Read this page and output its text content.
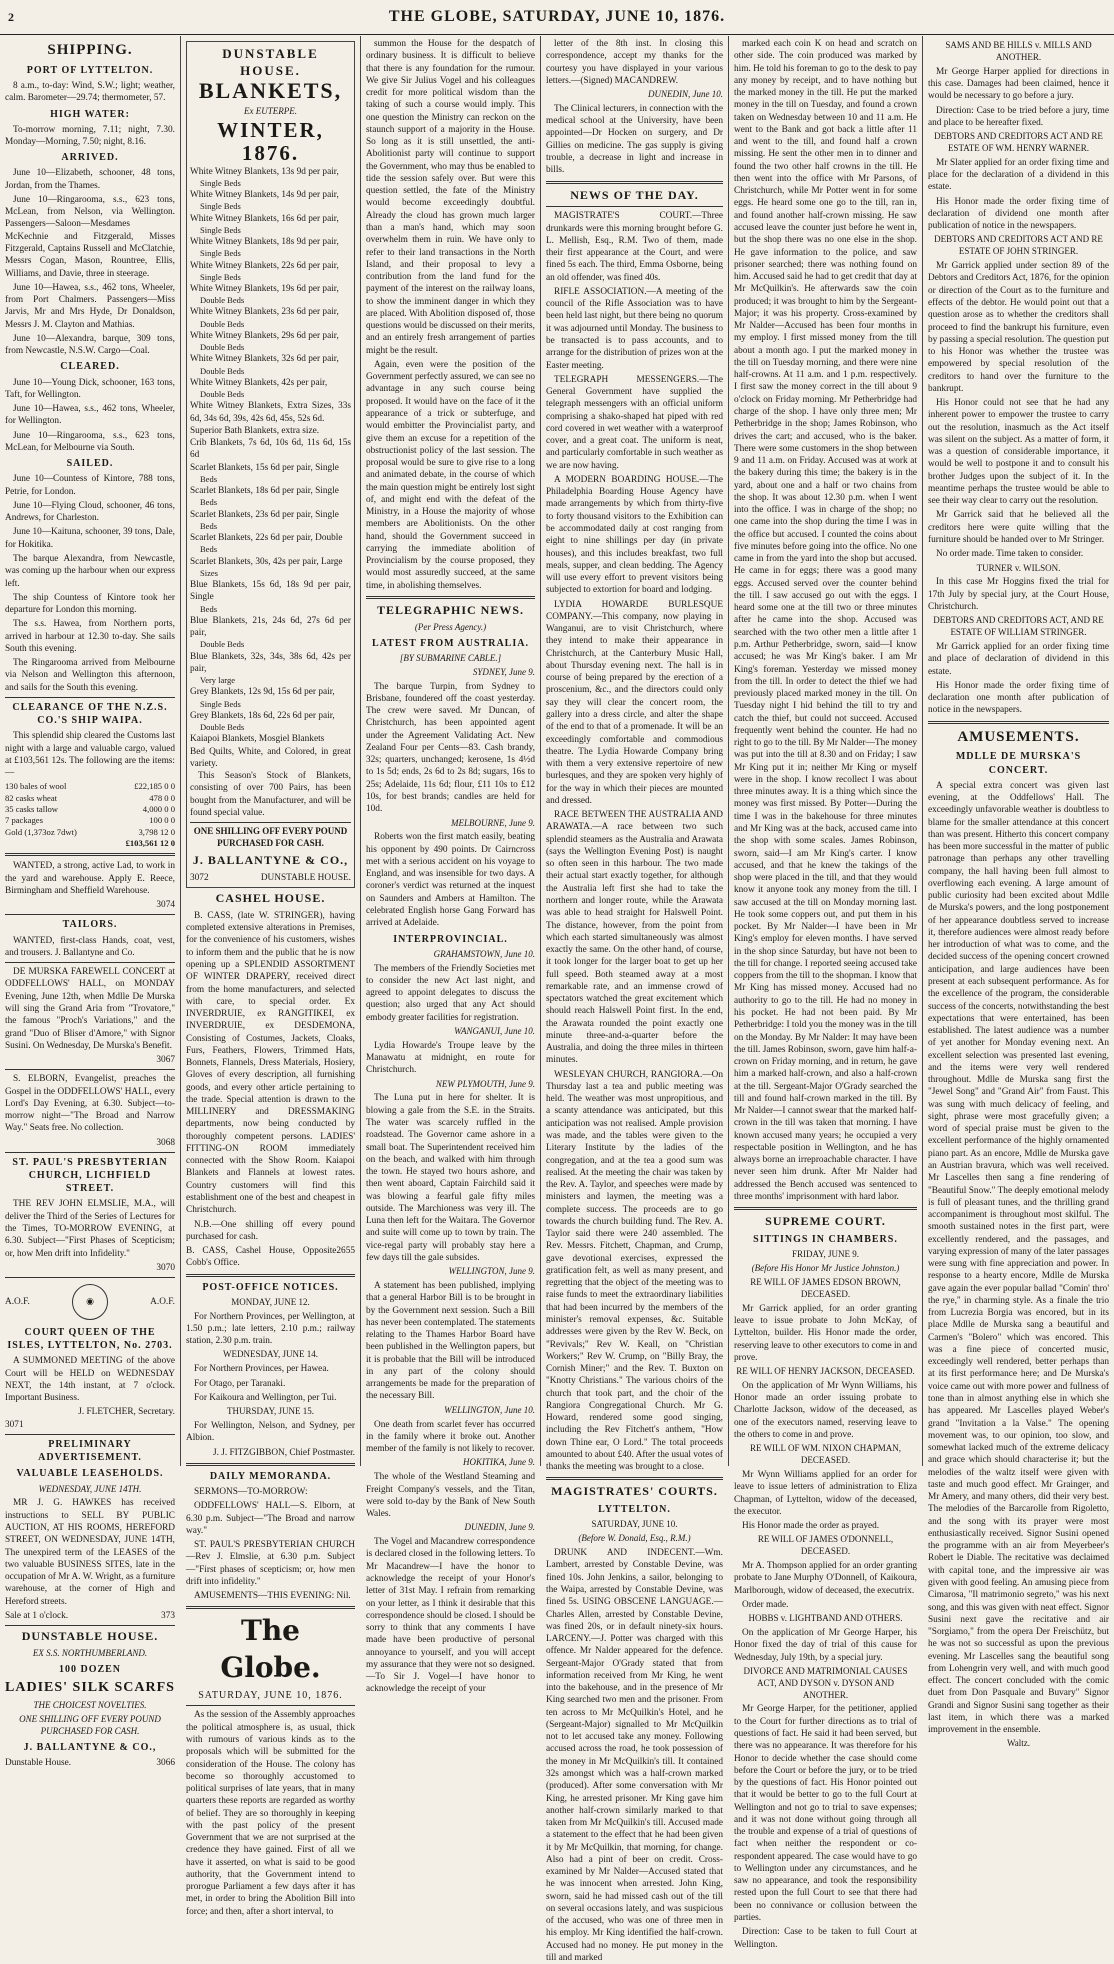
2	THE GLOBE, SATURDAY, JUNE 10, 1876.
SHIPPING.
PORT OF LYTTELTON.

8 a.m., to-day: Wind, S.W.; light; weather, calm. Barometer—29.74; thermometer, 57.

HIGH WATER:

To-morrow morning, 7.11; night, 7.30. Monday—Morning, 7.50; night, 8.16.

ARRIVED.

June 10—Elizabeth, schooner, 48 tons, Jordan, from the Thames.

June 10—Ringarooma, s.s., 623 tons, McLean, from Nelson, via Wellington. Passengers—Saloon—Mesdames McKechnie and Fitzgerald, Misses Fitzgerald, Captains Russell and McClatchie, Messrs Cogan, Mason, Rountree, Ellis, Williams, and Davie, three in steerage.

June 10—Hawea, s.s., 462 tons, Wheeler, from Port Chalmers. Passengers—Miss Jarvis, Mr and Mrs Hyde, Dr Donaldson, Messrs J. M. Clayton and Mathias.

June 10—Alexandra, barque, 309 tons, from Newcastle, N.S.W. Cargo—Coal.

CLEARED.

June 10—Young Dick, schooner, 163 tons, Taft, for Wellington.

June 10—Hawea, s.s., 462 tons, Wheeler, for Wellington.

June 10—Ringarooma, s.s., 623 tons, McLean, for Melbourne via South.

SAILED.

June 10—Countess of Kintore, 788 tons, Petrie, for London.

June 10—Flying Cloud, schooner, 46 tons, Andrews, for Charleston.

June 10—Kaituna, schooner, 39 tons, Dale, for Hokitika.

The barque Alexandra, from Newcastle, was coming up the harbour when our express left.

The ship Countess of Kintore took her departure for London this morning.

The s.s. Hawea, from Northern ports, arrived in harbour at 12.30 to-day. She sails South this evening.

The Ringarooma arrived from Melbourne via Nelson and Wellington this afternoon, and sails for the South this evening.

CLEARANCE OF THE N.Z.S. CO.'S SHIP WAIPA.

This splendid ship cleared the Customs last night with a large and valuable cargo, valued at £103,561 12s. The following are the items:—

130 bales of wool	£22,185 0 0
82 casks wheat	478 0 0
35 casks tallow	4,000 0 0
7 packages	100 0 0
Gold (1,373oz 7dwt)	3,798 12 0
£103,561 12 0

WANTED, a strong, active Lad, to work in the yard and warehouse. Apply E. Reece, Birmingham and Sheffield Warehouse.

3074
TAILORS.

WANTED, first-class Hands, coat, vest, and trousers. J. Ballantyne and Co.

DE MURSKA FAREWELL CONCERT at ODDFELLOWS' HALL, on MONDAY Evening, June 12th, when Mdlle De Murska will sing the Grand Aria from "Trovatore," the famous "Proch's Variations," and the grand "Duo of Bliser d'Amore," with Signor Susini. On Wednesday, De Murska's Benefit.

3067

S. ELBORN, Evangelist, preaches the Gospel in the ODDFELLOWS' HALL, every Lord's Day Evening, at 6.30. Subject—to-morrow night—"The Broad and Narrow Way." Seats free. No collection.

3068
ST. PAUL'S PRESBYTERIAN CHURCH, LICHFIELD STREET.

THE REV JOHN ELMSLIE, M.A., will deliver the Third of the Series of Lectures for the Times, TO-MORROW EVENING, at 6.30. Subject—"First Phases of Scepticism; or, how Men drift into Infidelity."

3070
A.O.F.	◉	A.O.F.
COURT QUEEN OF THE ISLES, LYTTELTON, No. 2703.

A SUMMONED MEETING of the above Court will be HELD on WEDNESDAY NEXT, the 14th instant, at 7 o'clock. Important Business.

J. FLETCHER, Secretary.
3071
PRELIMINARY ADVERTISEMENT.
VALUABLE LEASEHOLDS.
WEDNESDAY, JUNE 14TH.

MR J. G. HAWKES has received instructions to SELL BY PUBLIC AUCTION, AT HIS ROOMS, HEREFORD STREET, ON WEDNESDAY, JUNE 14TH, The unexpired term of the LEASES of the two valuable BUSINESS SITES, late in the occupation of Mr A. W. Wright, as a furniture warehouse, at the corner of High and Hereford streets.

Sale at 1 o'clock.	373
DUNSTABLE HOUSE.
EX S.S. NORTHUMBERLAND.
100 DOZEN
LADIES' SILK SCARFS
THE CHOICEST NOVELTIES.
ONE SHILLING OFF EVERY POUND PURCHASED FOR CASH.
J. BALLANTYNE & CO.,
Dunstable House.	3066
DUNSTABLE HOUSE.
BLANKETS,
Ex EUTERPE.
WINTER, 1876.
White Witney Blankets, 13s 9d per pair,
Single Beds
White Witney Blankets, 14s 9d per pair,
Single Beds
White Witney Blankets, 16s 6d per pair,
Single Beds
White Witney Blankets, 18s 9d per pair,
Single Beds
White Witney Blankets, 22s 6d per pair,
Single Beds
White Witney Blankets, 19s 6d per pair,
Double Beds
White Witney Blankets, 23s 6d per pair,
Double Beds
White Witney Blankets, 29s 6d per pair,
Double Beds
White Witney Blankets, 32s 6d per pair,
Double Beds
White Witney Blankets, 42s per pair,
Double Beds
White Witney Blankets, Extra Sizes, 33s 6d, 34s 6d, 39s, 42s 6d, 45s, 52s 6d.
Superior Bath Blankets, extra size.
Crib Blankets, 7s 6d, 10s 6d, 11s 6d, 15s 6d
Scarlet Blankets, 15s 6d per pair, Single
Beds
Scarlet Blankets, 18s 6d per pair, Single
Beds
Scarlet Blankets, 23s 6d per pair, Single
Beds
Scarlet Blankets, 22s 6d per pair, Double
Beds
Scarlet Blankets, 30s, 42s per pair, Large
Sizes
Blue Blankets, 15s 6d, 18s 9d per pair, Single
Beds
Blue Blankets, 21s, 24s 6d, 27s 6d per pair,
Double Beds
Blue Blankets, 32s, 34s, 38s 6d, 42s per pair,
Very large
Grey Blankets, 12s 9d, 15s 6d per pair,
Single Beds
Grey Blankets, 18s 6d, 22s 6d per pair,
Double Beds
Kaiapoi Blankets, Mosgiel Blankets
Bed Quilts, White, and Colored, in great variety.

This Season's Stock of Blankets, consisting of over 700 Pairs, has been bought from the Manufacturer, and will be found special value.

ONE SHILLING OFF EVERY POUND PURCHASED FOR CASH.
J. BALLANTYNE & CO.,
3072	DUNSTABLE HOUSE.
CASHEL HOUSE.

B. CASS, (late W. STRINGER), having completed extensive alterations in Premises, for the convenience of his customers, wishes to inform them and the public that he is now opening up a SPLENDID ASSORTMENT OF WINTER DRAPERY, received direct from the home manufacturers, and selected with care, to special order. Ex INVERDRUIE, ex RANGITIKEI, ex INVERDRUIE, ex DESDEMONA, Consisting of Costumes, Jackets, Cloaks, Furs, Feathers, Flowers, Trimmed Hats, Bonnets, Flannels, Dress Materials, Hosiery, Gloves of every description, all furnishing goods, and every other article pertaining to the trade. Special attention is drawn to the MILLINERY and DRESSMAKING departments, now being conducted by thoroughly competent persons. LADIES' FITTING-ON ROOM immediately connected with the Show Room. Kaiapoi Blankets and Flannels at lowest rates. Country customers will find this establishment one of the best and cheapest in Christchurch.

N.B.—One shilling off every pound purchased for cash.

B. CASS, Cashel House, Opposite Cobb's Office.
2655
POST-OFFICE NOTICES.
MONDAY, JUNE 12.

For Northern Provinces, per Wellington, at 1.50 p.m.; late letters, 2.10 p.m.; railway station, 2.30 p.m. train.

WEDNESDAY, JUNE 14.

For Northern Provinces, per Hawea.

For Otago, per Taranaki.

For Kaikoura and Wellington, per Tui.

THURSDAY, JUNE 15.

For Wellington, Nelson, and Sydney, per Albion.

J. J. FITZGIBBON, Chief Postmaster.
DAILY MEMORANDA.

SERMONS—TO-MORROW:

ODDFELLOWS' HALL—S. Elborn, at 6.30 p.m. Subject—"The Broad and narrow way."

ST. PAUL'S PRESBYTERIAN CHURCH—Rev J. Elmslie, at 6.30 p.m. Subject—"First phases of scepticism; or, how men drift into infidelity."

AMUSEMENTS—THIS EVENING: Nil.

The Globe.
SATURDAY, JUNE 10, 1876.

As the session of the Assembly approaches the political atmosphere is, as usual, thick with rumours of various kinds as to the proposals which will be submitted for the consideration of the House. The colony has become so thoroughly accustomed to political surprises of late years, that in many quarters these reports are regarded as worthy of belief. They are so thoroughly in keeping with the past policy of the present Government that we are not surprised at the credence they have gained. First of all we have it asserted, on what is said to be good authority, that the Government intend to prorogue Parliament a few days after it has met, in order to bring the Abolition Bill into force; and then, after a short interval, to

summon the House for the despatch of ordinary business. It is difficult to believe that there is any foundation for the rumour. We give Sir Julius Vogel and his colleagues credit for more political wisdom than the taking of such a course would imply. This one question the Ministry can reckon on the staunch support of a majority in the House. So long as it is still unsettled, the anti-Abolitionist party will continue to support the Government, who may thus be enabled to tide the session safely over. But were this question settled, the fate of the Ministry would become exceedingly doubtful. Already the cloud has grown much larger than a man's hand, which may soon overwhelm them in ruin. We have only to refer to their land transactions in the North Island, and their proposal to levy a contribution from the land fund for the payment of the interest on the railway loans, to show the imminent danger in which they are placed. With Abolition disposed of, those questions would be discussed on their merits, and an entirely fresh arrangement of parties might be the result.

Again, even were the position of the Government perfectly assured, we can see no advantage in any such course being proposed. It would have on the face of it the appearance of a trick or subterfuge, and would embitter the Provincialist party, and give them an excuse for a repetition of the obstructionist policy of the last session. The proposal would be sure to give rise to a long and animated debate, in the course of which the main question might be entirely lost sight of, and might end with the defeat of the Ministry, in a House the majority of whose members are Abolitionists. On the other hand, should the Government succeed in carrying the immediate abolition of Provincialism by the course proposed, they would most assuredly succeed, at the same time, in abolishing themselves.

TELEGRAPHIC NEWS.
(Per Press Agency.)
LATEST FROM AUSTRALIA.
[BY SUBMARINE CABLE.]
SYDNEY, June 9.

The barque Turpin, from Sydney to Brisbane, foundered off the coast yesterday. The crew were saved. Mr Duncan, of Christchurch, has been appointed agent under the Agreement Validating Act. New Zealand Four per Cents—83. Cash brandy, 32s; quarters, unchanged; kerosene, 1s 4½d to 1s 5d; ends, 2s 6d to 2s 8d; sugars, 16s to 25s; Adelaide, 11s 6d; flour, £11 10s to £12 10s, for best brands; candles are held for 10d.

MELBOURNE, June 9.

Roberts won the first match easily, beating his opponent by 490 points. Dr Cairncross met with a serious accident on his voyage to England, and was insensible for two days. A coroner's verdict was returned at the inquest on Saunders and Ambers at Hamilton. The celebrated English horse Gang Forward has arrived at Adelaide.

INTERPROVINCIAL.
GRAHAMSTOWN, June 10.

The members of the Friendly Societies met to consider the new Act last night, and agreed to appoint delegates to discuss the question; also urged that any Act should embody greater facilities for registration.

WANGANUI, June 10.

Lydia Howarde's Troupe leave by the Manawatu at midnight, en route for Christchurch.

NEW PLYMOUTH, June 9.

The Luna put in here for shelter. It is blowing a gale from the S.E. in the Straits. The water was scarcely ruffled in the roadstead. The Governor came ashore in a small boat. The Superintendent received him on the beach, and walked with him through the town. He stayed two hours ashore, and then went aboard, Captain Fairchild said it was blowing a fearful gale fifty miles outside. The Marchioness was very ill. The Luna then left for the Waitara. The Governor and suite will come up to town by train. The vice-regal party will probably stay here a few days till the gale subsides.

WELLINGTON, June 9.

A statement has been published, implying that a general Harbor Bill is to be brought in by the Government next session. Such a Bill has never been contemplated. The statements relating to the Thames Harbor Board have been published in the Wellington papers, but it is probable that the Bill will be introduced in any part of the colony should arrangements be made for the preparation of the necessary Bill.

WELLINGTON, June 10.

One death from scarlet fever has occurred in the family where it broke out. Another member of the family is not likely to recover.

HOKITIKA, June 9.

The whole of the Westland Steaming and Freight Company's vessels, and the Titan, were sold to-day by the Bank of New South Wales.

DUNEDIN, June 9.

The Vogel and Macandrew correspondence is declared closed in the following letters. To Mr Macandrew—I have the honor to acknowledge the receipt of your Honor's letter of 31st May. I refrain from remarking on your letter, as I think it desirable that this correspondence should be closed. I should be sorry to think that any comments I have made have been productive of personal annoyance to yourself, and you will accept my assurance that they were not so designed.—To Sir J. Vogel—I have honor to acknowledge the receipt of your

letter of the 8th inst. In closing this correspondence, accept my thanks for the courtesy you have displayed in your various letters.—(Signed) MACANDREW.

DUNEDIN, June 10.

The Clinical lecturers, in connection with the medical school at the University, have been appointed—Dr Hocken on surgery, and Dr Gillies on medicine. The gas supply is giving trouble, a decrease in light and increase in bills.

NEWS OF THE DAY.

MAGISTRATE'S COURT.—Three drunkards were this morning brought before G. L. Mellish, Esq., R.M. Two of them, made their first appearance at the Court, and were fined 5s each. The third, Emma Osborne, being an old offender, was fined 40s.

RIFLE ASSOCIATION.—A meeting of the council of the Rifle Association was to have been held last night, but there being no quorum it was adjourned until Monday. The business to be transacted is to pass accounts, and to arrange for the distribution of prizes won at the Easter meeting.

TELEGRAPH MESSENGERS.—The General Government have supplied the telegraph messengers with an official uniform comprising a shako-shaped hat piped with red cord covered in wet weather with a waterproof cover, and a great coat. The uniform is neat, and particularly comfortable in such weather as we are now having.

A MODERN BOARDING HOUSE.—The Philadelphia Boarding House Agency have made arrangements by which from thirty-five to forty thousand visitors to the Exhibition can be accommodated daily at cost ranging from eight to nine shillings per day (in private houses), and this includes breakfast, two full meals, supper, and clean bedding. The Agency will use every effort to prevent visitors being subjected to extortion for board and lodging.

LYDIA HOWARDE BURLESQUE COMPANY.—This company, now playing in Wanganui, are to visit Christchurch, where they intend to make their appearance in Christchurch, at the Canterbury Music Hall, about Thursday evening next. The hall is in course of being prepared by the erection of a proscenium, &c., and the directors could only say they will clear the concert room, the gallery into a dress circle, and alter the shape of the end to that of a promenade. It will be an exceedingly comfortable and commodious theatre. The Lydia Howarde Company bring with them a very extensive repertoire of new burlesques, and they are spoken very highly of for the way in which their pieces are mounted and dressed.

RACE BETWEEN THE AUSTRALIA AND ARAWATA.—A race between two such splendid steamers as the Australia and Arawata (says the Wellington Evening Post) is naught so often seen in this harbour. The two made their actual start exactly together, for although the Australia left first she had to take the northern and longer route, while the Arawata was able to head straight for Halswell Point. The distance, however, from the point from which each started simultaneously was almost exactly the same. On the other hand, of course, it took longer for the larger boat to get up her full speed. Both steamed away at a most remarkable rate, and an immense crowd of spectators watched the great excitement which should reach Halswell Point first. In the end, the Arawata rounded the point exactly one minute three-and-a-quarter before the Australia, and doing the three miles in thirteen minutes.

WESLEYAN CHURCH, RANGIORA.—On Thursday last a tea and public meeting was held. The weather was most unpropitious, and a scanty attendance was anticipated, but this anticipation was not realised. Ample provision was made, and the tables were given to the Literary Institute by the ladies of the congregation, and at the tea a good sum was realised. At the meeting the chair was taken by the Rev. A. Taylor, and speeches were made by ministers and laymen, the meeting was a complete success. The proceeds are to go towards the church building fund. The Rev. A. Taylor said there were 240 assembled. The Rev. Messrs. Fitchett, Chapman, and Crump, gave devotional exercises, expressed the gratification felt, as well as many present, and regretting that the object of the meeting was to raise funds to meet the extraordinary liabilities that had been incurred by the members of the minister's removal expenses, &c. Suitable addresses were given by the Rev W. Beck, on "Revivals;" Rev W. Keall, on "Christian Workers;" Rev W. Crump, on "Billy Bray, the Cornish Miner;" and the Rev. T. Buxton on "Knotty Christians." The various choirs of the church that took part, and the choir of the Rangiora Congregational Church. Mr G. Howard, rendered some good singing, including the Rev Fitchett's anthem, "How down Thine ear, O Lord." The total proceeds amounted to about £40. After the usual votes of thanks the meeting was brought to a close.

MAGISTRATES' COURTS.
LYTTELTON.
SATURDAY, JUNE 10.
(Before W. Donald, Esq., R.M.)

DRUNK AND INDECENT.—Wm. Lambert, arrested by Constable Devine, was fined 10s. John Jenkins, a sailor, belonging to the Waipa, arrested by Constable Devine, was fined 5s. USING OBSCENE LANGUAGE.—Charles Allen, arrested by Constable Devine, was fined 20s, or in default ninety-six hours. LARCENY.—J. Potter was charged with this offence. Mr Nalder appeared for the defence. Sergeant-Major O'Grady stated that from information received from Mr King, he went into the bakehouse, and in the presence of Mr King searched two men and the prisoner. From ten across to Mr McQuilkin's Hotel, and he (Sergeant-Major) signalled to Mr McQuilkin not to let accused take any money. Following accused across the road, he took possession of the money in Mr McQuilkin's till. It contained 32s amongst which was a half-crown marked (produced). After some conversation with Mr King, he arrested prisoner. Mr King gave him another half-crown similarly marked to that taken from Mr McQuilkin's till. Accused made a statement to the effect that he had been given it by Mr McQuilkin, that morning, for change. Also had a pint of beer on credit. Cross-examined by Mr Nalder—Accused stated that he was innocent when arrested. John King, sworn, said he had missed cash out of the till on several occasions lately, and was suspicious of the accused, who was one of three men in his employ. Mr King identified the half-crown. Accused had no money. He put money in the till and marked

marked each coin K on head and scratch on other side. The coin produced was marked by him. He told his foreman to go to the desk to pay any money by receipt, and to have nothing but the marked money in the till. He put the marked money in the till on Tuesday, and found a crown taken on Wednesday between 10 and 11 a.m. He went to the Bank and got back a little after 11 and went to the till, and found half a crown missing. He sent the other men in to dinner and found the two other half crowns in the till. He then went into the office with Mr Parsons, of Christchurch, while Mr Potter went in for some eggs. He heard some one go to the till, ran in, and found another half-crown missing. He saw accused leave the counter just before he went in, but the shop there was no one else in the shop. He gave information to the police, and saw prisoner searched; there was nothing found on him. Accused said he had to get credit that day at Mr McQuilkin's. He afterwards saw the coin produced; it was brought to him by the Sergeant-Major; it was his property. Cross-examined by Mr Nalder—Accused has been four months in my employ. I first missed money from the till about a month ago. I put the marked money in the till on Tuesday morning, and there were nine half-crowns. At 11 a.m. and 1 p.m. respectively. I first saw the money correct in the till about 9 o'clock on Friday morning. Mr Petherbridge had charge of the shop. I have only three men; Mr Petherbridge in the shop; James Robinson, who drives the cart; and accused, who is the baker. There were some customers in the shop between 9 and 11 a.m. on Friday. Accused was at work at the bakery during this time; the bakery is in the yard, about one and a half or two chains from the shop. It was about 12.30 p.m. when I went into the office. I was in charge of the shop; no one came into the shop during the time I was in the office but accused. I counted the coins about five minutes before going into the office. No one came in from the yard into the shop but accused. He came in for eggs; there was a good many eggs. Accused served over the counter behind the till. I saw accused go out with the eggs. I heard some one at the till two or three minutes after he came into the shop. Accused was searched with the two other men a little after 1 p.m. Arthur Petherbridge, sworn, said—I know accused; he was Mr King's baker. I am Mr King's foreman. Yesterday we missed money from the till. In order to detect the thief we had previously placed marked money in the till. On Tuesday night I hid behind the till to try and catch the thief, but could not succeed. Accused frequently went behind the counter. He had no right to go to the till. By Mr Nalder—The money was put into the till at 8.30 and on Friday; I saw Mr King put it in; neither Mr King or myself were in the shop. I know recollect I was about three minutes away. It is a thing which since the money was first missed. By Potter—During the time I was in the bakehouse for three minutes and Mr King was at the back, accused came into the shop with some scales. James Robinson, sworn, said—I am Mr King's carter. I know accused, and that he knew the takings of the shop were placed in the till, and that they would know it anyone took any money from the till. I saw accused at the till on Monday morning last. He took some coppers out, and put them in his pocket. By Mr Nalder—I have been in Mr King's employ for eleven months. I have served in the shop since Saturday, but have not been to the till for change. I reported seeing accused take coppers from the till to the shopman. I know that Mr King has missed money. Accused had no authority to go to the till. He had no money in his pocket. He had not been paid. By Mr Petherbridge: I told you the money was in the till on the Monday. By Mr Nalder: It may have been the till. James Robinson, sworn, gave him half-a-crown on Friday morning, and in return, he gave him a marked half-crown, and also a half-crown at the till. Sergeant-Major O'Grady searched the till and found half-crown marked in the till. By Mr Nalder—I cannot swear that the marked half-crown in the till was taken that morning. I have known accused many years; he occupied a very respectable position in Wellington, and he has always borne an irreproachable character. I have never seen him drunk. After Mr Nalder had addressed the Bench accused was sentenced to three months' imprisonment with hard labor.

SUPREME COURT.
SITTINGS IN CHAMBERS.
FRIDAY, JUNE 9.
(Before His Honor Mr Justice Johnston.)
RE WILL OF JAMES EDSON BROWN, DECEASED.

Mr Garrick applied, for an order granting leave to issue probate to John McKay, of Lyttelton, builder. His Honor made the order, reserving leave to other executors to come in and prove.

RE WILL OF HENRY JACKSON, DECEASED.

On the application of Mr Wynn Williams, his Honor made an order issuing probate to Charlotte Jackson, widow of the deceased, as one of the executors named, reserving leave to the others to come in and prove.

RE WILL OF WM. NIXON CHAPMAN, DECEASED.

Mr Wynn Williams applied for an order for leave to issue letters of administration to Eliza Chapman, of Lyttelton, widow of the deceased, the executor.

His Honor made the order as prayed.

RE WILL OF JAMES O'DONNELL, DECEASED.

Mr A. Thompson applied for an order granting probate to Jane Murphy O'Donnell, of Kaikoura, Marlborough, widow of deceased, the executrix.

Order made.

HOBBS v. LIGHTBAND AND OTHERS.

On the application of Mr George Harper, his Honor fixed the day of trial of this cause for Wednesday, July 19th, by a special jury.

DIVORCE AND MATRIMONIAL CAUSES ACT, AND DYSON v. DYSON AND ANOTHER.

Mr George Harper, for the petitioner, applied to the Court for further directions as to trial of questions of fact. He said it had been served, but there was no appearance. It was therefore for his Honor to decide whether the case should come before the Court or before the jury, or to be tried by the questions of fact. His Honor pointed out that it would be better to go to the full Court at Wellington and not go to trial to save expenses; and it was not done without going through all the trouble and expense of a trial of questions of fact when neither the respondent or co-respondent appeared. The case would have to go to Wellington under any circumstances, and he saw no appearance, and took the responsibility rested upon the full Court to see that there had been no connivance or collusion between the parties.

Direction: Case to be taken to full Court at Wellington.

SAMS AND BE HILLS v. MILLS AND ANOTHER.

Mr George Harper applied for directions in this case. Damages had been claimed, hence it would be necessary to go before a jury.

Direction: Case to be tried before a jury, time and place to be hereafter fixed.

DEBTORS AND CREDITORS ACT AND RE ESTATE OF WM. HENRY WARNER.

Mr Slater applied for an order fixing time and place for the declaration of a dividend in this estate.

His Honor made the order fixing time of declaration of dividend one month after publication of notice in the newspapers.

DEBTORS AND CREDITORS ACT AND RE ESTATE OF JOHN STRINGER.

Mr Garrick applied under section 89 of the Debtors and Creditors Act, 1876, for the opinion or direction of the Court as to the furniture and effects of the debtor. He would point out that a question arose as to whether the creditors shall proceed to find the bankrupt his furniture, even by passing a special resolution. The question put to his Honor was whether the trustee was empowered by special resolution of the creditors to hand over the furniture to the bankrupt.

His Honor could not see that he had any inherent power to empower the trustee to carry out the resolution, inasmuch as the Act itself was silent on the subject. As a matter of form, it was a question of considerable importance, it would be well to postpone it and to consult his brother Judges upon the subject of it. In the meantime perhaps the trustee would be able to see their way clear to carry out the resolution.

Mr Garrick said that he believed all the creditors here were quite willing that the furniture should be handed over to Mr Stringer.

No order made. Time taken to consider.

TURNER v. WILSON.

In this case Mr Hoggins fixed the trial for 17th July by special jury, at the Court House, Christchurch.

DEBTORS AND CREDITORS ACT, AND RE ESTATE OF WILLIAM STRINGER.

Mr Garrick applied for an order fixing time and place of declaration of dividend in this estate.

His Honor made the order fixing time of declaration one month after publication of notice in the newspapers.

AMUSEMENTS.
MDLLE DE MURSKA'S CONCERT.

A special extra concert was given last evening, at the Oddfellows' Hall. The exceedingly unfavorable weather is doubtless to blame for the smaller attendance at this concert than was present. Hitherto this concert company has been more successful in the matter of public patronage than perhaps any other travelling company, the hall having been full almost to overflowing each evening. A large amount of public curiosity had been excited about Mdlle de Murska's powers, and the long postponement of her appearance doubtless served to increase it, therefore audiences were almost ready before her introduction of what was to come, and the decided success of the opening concert crowned anticipation, and large audiences have been present at each subsequent performance. As for the excellence of the program, the considerable success of the concerts, notwithstanding the best expectations that were entertained, has been established. The latest audience was a number of yet another for Monday evening next. An excellent selection was presented last evening, and the items were very well rendered throughout. Mdlle de Murska sang first the "Jewel Song" and "Grand Air" from Faust. This was sung with much delicacy of feeling, and sight, phrase were most gracefully given; a word of special praise must be given to the excellent performance of the highly ornamented piano part. As an encore, Mdlle de Murska gave an Austrian bravura, which was well received. Mr Lascelles then sang a fine rendering of "Beautiful Snow." The deeply emotional melody is full of pleasant tunes, and the thrilling grand accompaniment is throughout most skilful. The smooth sustained notes in the first part, were excellently rendered, and the passages, and varying expression of many of the later passages were sung with fine appreciation and power. In response to a hearty encore, Mdlle de Murska gave again the ever popular ballad "Comin' thro' the rye," in charming style. As a finale the trio from Lucrezia Borgia was encored, but in its place Mdlle de Murska sang a beautiful and Carmen's "Bolero" which was encored. This was a fine piece of concerted music, exceedingly well rendered, better perhaps than at its first performance here; and De Murska's voice came out with more power and fullness of tone than in almost anything else in which she has appeared. Mr Lascelles played Weber's grand "Invitation a la Valse." The opening movement was, to our opinion, too slow, and somewhat lacked much of the extreme delicacy and grace which should characterise it; but the melodies of the waltz itself were given with taste and much good effect. Mr Grainger, and Mr Amery, and many others, did their very best. The melodies of the Barcarolle from Rigoletto, and the song with its prayer were most enthusiastically received. Signor Susini opened the programme with an air from Meyerbeer's Robert le Diable. The recitative was declaimed with capital tone, and the impressive air was given with good feeling. An amusing piece from Cimarosa, "Il matrimonio segreto," was his next song, and this was given with neat effect. Signor Susini next gave the recitative and air "Sorgiamo," from the opera Der Freischütz, but he was not so successful as upon the previous evening. Mr Lascelles sang the beautiful song from Lohengrin very well, and with much good effect. The concert concluded with the comic duet from Don Pasquale and Buvary" Signor Grandi and Signor Susini sang together as their last item, in which there was a marked improvement in the ensemble.

Waltz.
